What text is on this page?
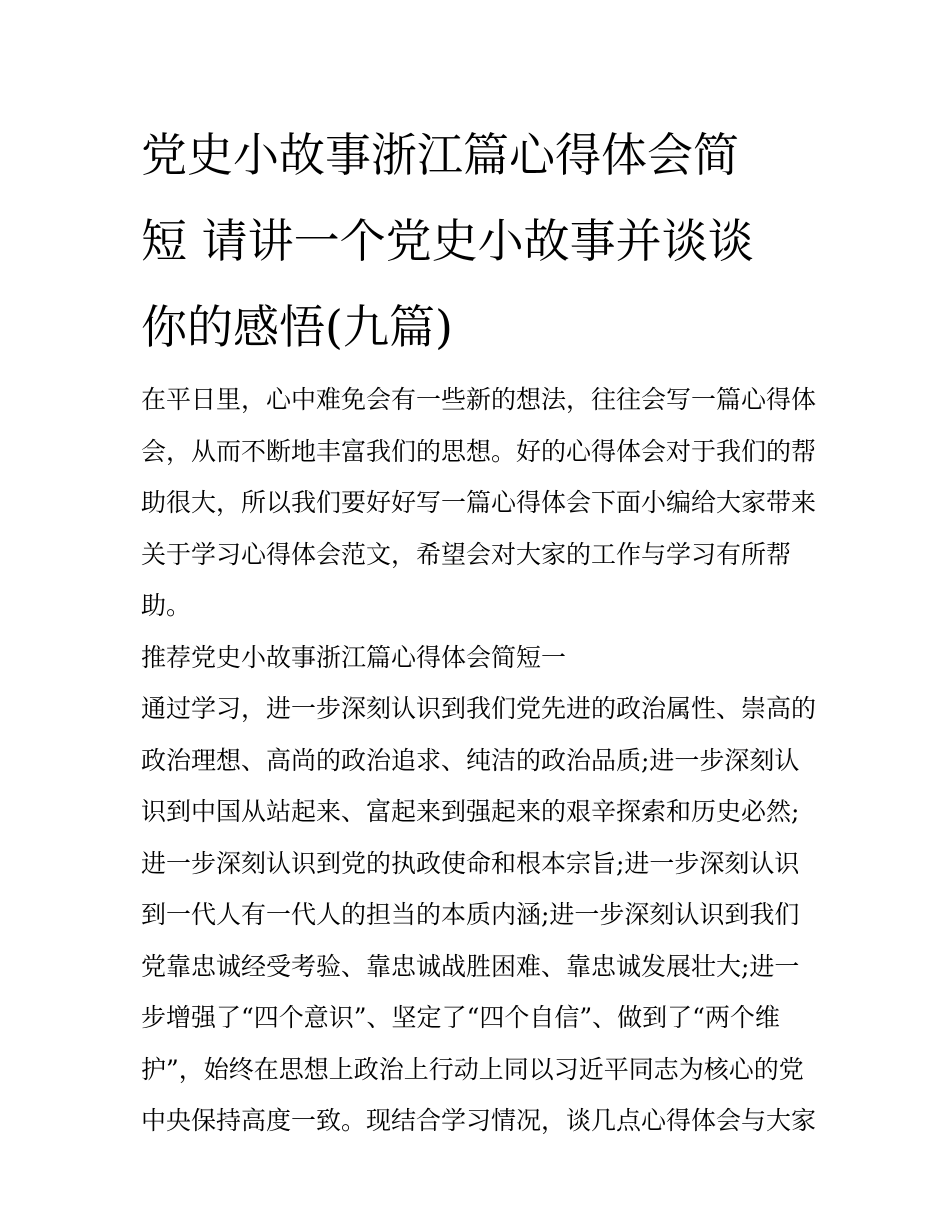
党史小故事浙江篇心得体会简
短 请讲一个党史小故事并谈谈
你的感悟(九篇)
在平日里，心中难免会有一些新的想法，往往会写一篇心得体
会，从而不断地丰富我们的思想。好的心得体会对于我们的帮
助很大，所以我们要好好写一篇心得体会下面小编给大家带来
关于学习心得体会范文，希望会对大家的工作与学习有所帮
助。
推荐党史小故事浙江篇心得体会简短一
通过学习，进一步深刻认识到我们党先进的政治属性、崇高的
政治理想、高尚的政治追求、纯洁的政治品质;进一步深刻认
识到中国从站起来、富起来到强起来的艰辛探索和历史必然;
进一步深刻认识到党的执政使命和根本宗旨;进一步深刻认识
到一代人有一代人的担当的本质内涵;进一步深刻认识到我们
党靠忠诚经受考验、靠忠诚战胜困难、靠忠诚发展壮大;进一
步增强了“四个意识”、坚定了“四个自信”、做到了“两个维
护”，始终在思想上政治上行动上同以习近平同志为核心的党
中央保持高度一致。现结合学习情况，谈几点心得体会与大家
